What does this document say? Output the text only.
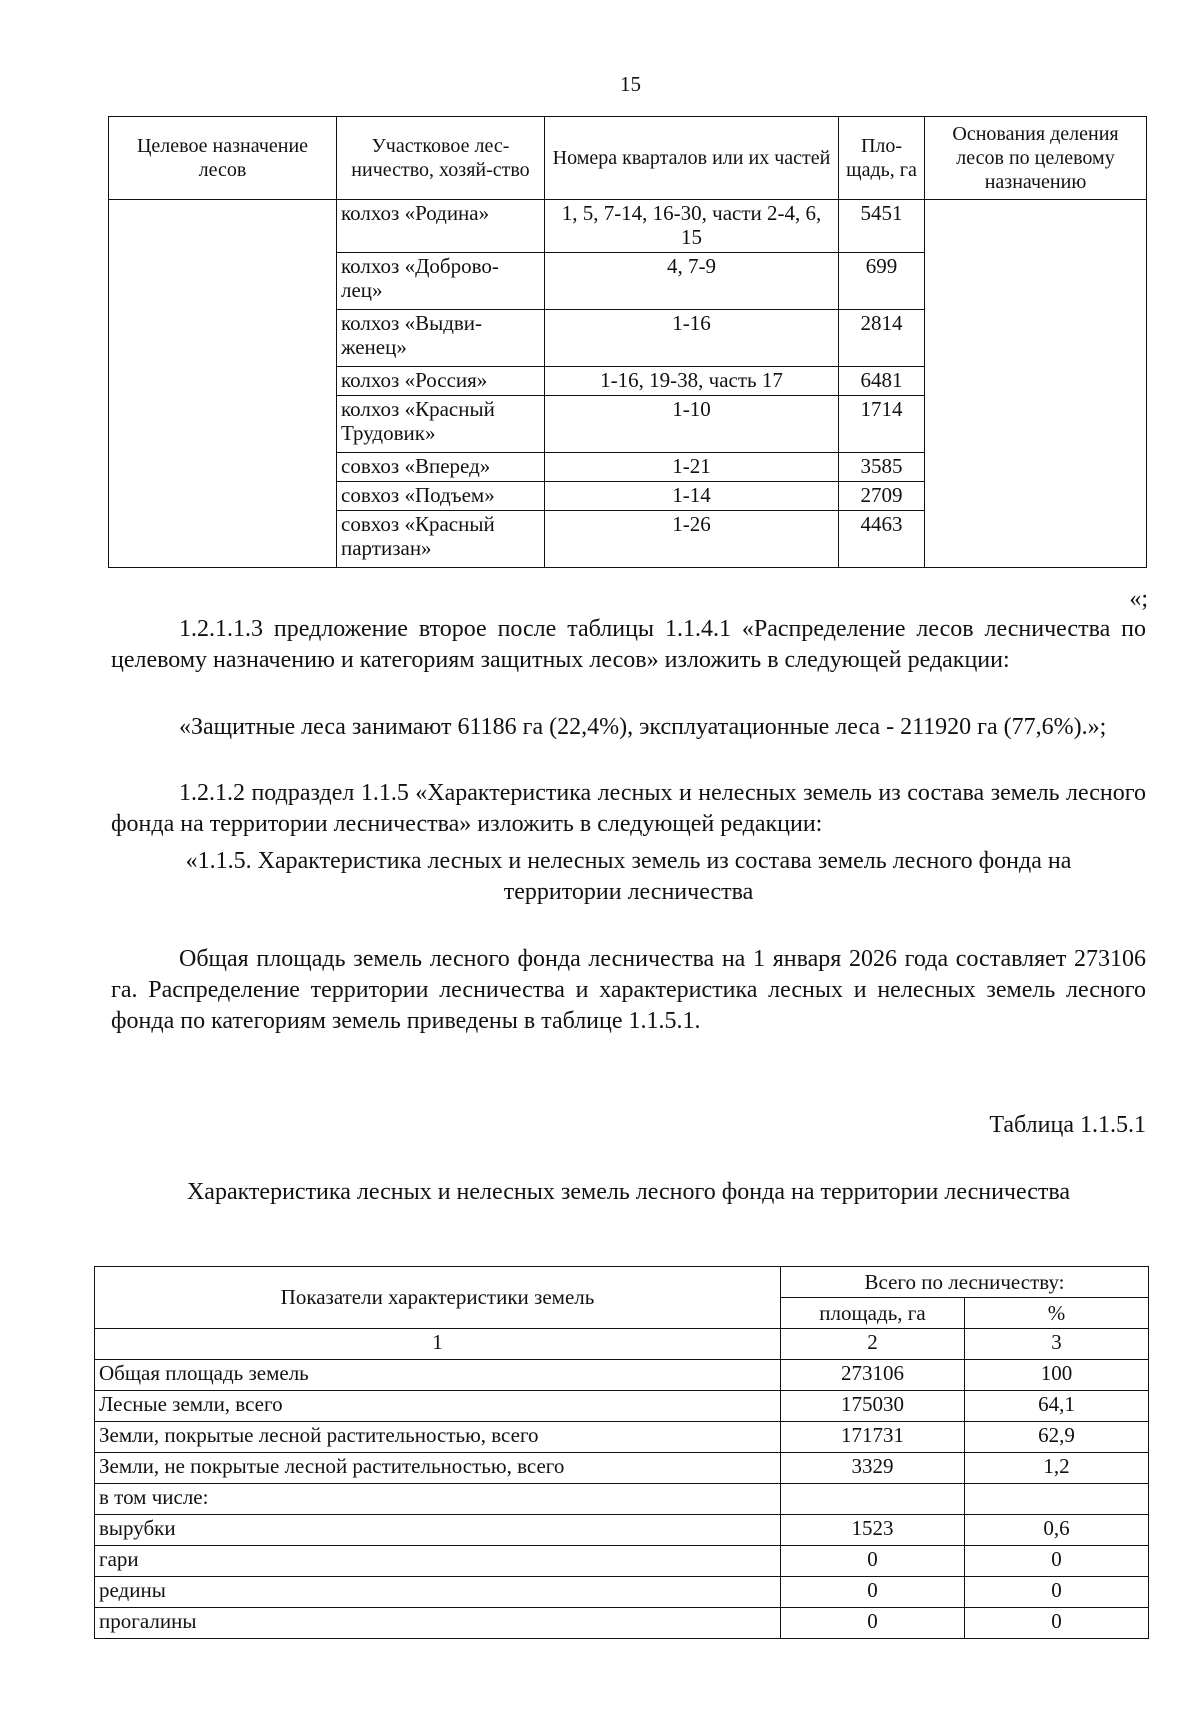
15
Целевое назначение лесов	Участковое лес-ничество, хозяй-ство	Номера кварталов или их частей	Пло-щадь, га	Основания деления лесов по целевому назначению
	колхоз «Родина»	1, 5, 7-14, 16-30, части 2-4, 6, 15	5451	
	колхоз «Доброво-лец»	4, 7-9	699	
	колхоз «Выдви-женец»	1-16	2814	
	колхоз «Россия»	1-16, 19-38, часть 17	6481	
	колхоз «Красный Трудовик»	1-10	1714	
	совхоз «Вперед»	1-21	3585	
	совхоз «Подъем»	1-14	2709	
	совхоз «Красный партизан»	1-26	4463	
«;
1.2.1.1.3 предложение второе после таблицы 1.1.4.1 «Распределение лесов лесничества по целевому назначению и категориям защитных лесов» изложить в следующей редакции:
«Защитные леса занимают 61186 га (22,4%), эксплуатационные леса - 211920 га (77,6%).»;
1.2.1.2 подраздел 1.1.5 «Характеристика лесных и нелесных земель из состава земель лесного фонда на территории лесничества» изложить в следующей редакции:
«1.1.5. Характеристика лесных и нелесных земель из состава земель лесного фонда на территории лесничества
Общая площадь земель лесного фонда лесничества на 1 января 2026 года составляет 273106 га. Распределение территории лесничества и характеристика лесных и нелесных земель лесного фонда по категориям земель приведены в таблице 1.1.5.1.
Таблица 1.1.5.1
Характеристика лесных и нелесных земель лесного фонда на территории лесничества
Показатели характеристики земель	Всего по лесничеству:	
	площадь, га	%
1	2	3
Общая площадь земель	273106	100
Лесные земли, всего	175030	64,1
Земли, покрытые лесной растительностью, всего	171731	62,9
Земли, не покрытые лесной растительностью, всего	3329	1,2
в том числе:		
вырубки	1523	0,6
гари	0	0
редины	0	0
прогалины	0	0
